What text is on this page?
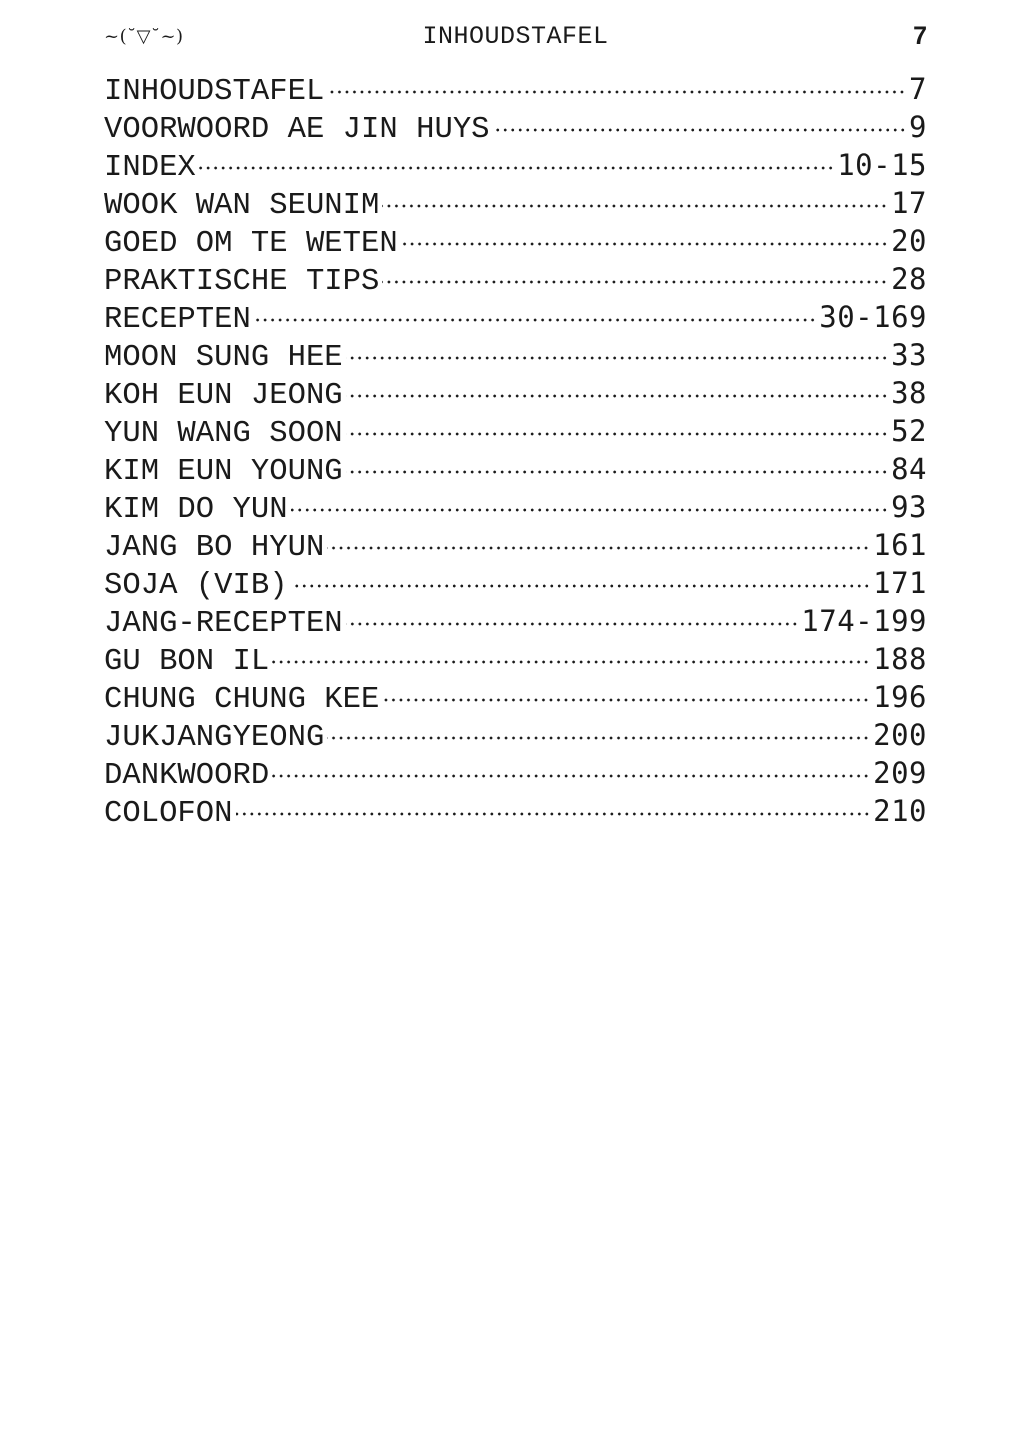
~(˘▽˘~)	INHOUDSTAFEL	7
INHOUDSTAFEL	7
VOORWOORD AE JIN HUYS	9
INDEX	10-15
WOOK WAN SEUNIM	17
GOED OM TE WETEN	20
PRAKTISCHE TIPS	28
RECEPTEN	30-169
MOON SUNG HEE	33
KOH EUN JEONG	38
YUN WANG SOON	52
KIM EUN YOUNG	84
KIM DO YUN	93
JANG BO HYUN	161
SOJA (VIB)	171
JANG-RECEPTEN	174-199
GU BON IL	188
CHUNG CHUNG KEE	196
JUKJANGYEONG	200
DANKWOORD	209
COLOFON	210
